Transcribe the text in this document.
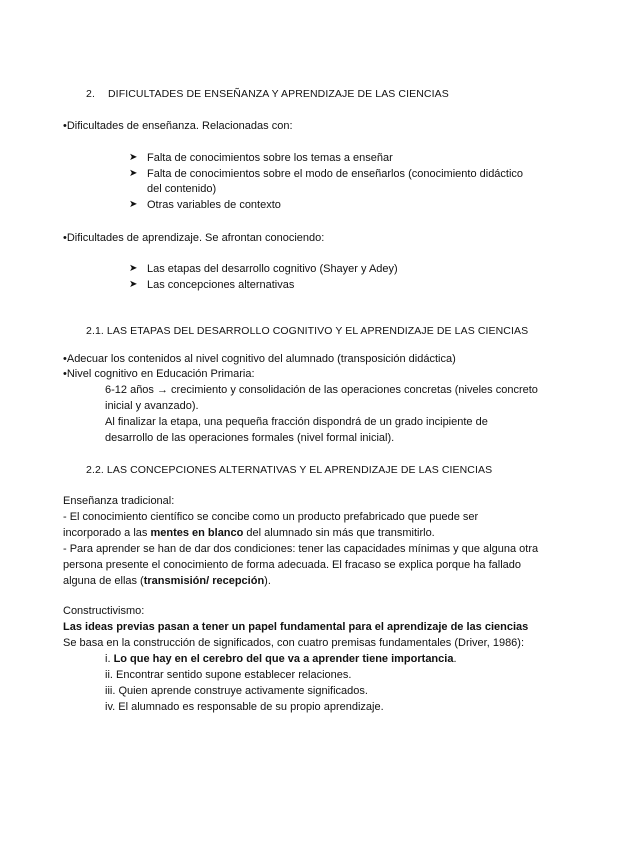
2. DIFICULTADES DE ENSEÑANZA Y APRENDIZAJE DE LAS CIENCIAS
•Dificultades de enseñanza. Relacionadas con:
➤ Falta de conocimientos sobre los temas a enseñar
➤ Falta de conocimientos sobre el modo de enseñarlos (conocimiento didáctico
del contenido)
➤ Otras variables de contexto
•Dificultades de aprendizaje. Se afrontan conociendo:
➤ Las etapas del desarrollo cognitivo (Shayer y Adey)
➤ Las concepciones alternativas
2.1. LAS ETAPAS DEL DESARROLLO COGNITIVO Y EL APRENDIZAJE DE LAS CIENCIAS
•Adecuar los contenidos al nivel cognitivo del alumnado (transposición didáctica)
•Nivel cognitivo en Educación Primaria:
6-12 años → crecimiento y consolidación de las operaciones concretas (niveles concreto
inicial y avanzado).
Al finalizar la etapa, una pequeña fracción dispondrá de un grado incipiente de
desarrollo de las operaciones formales (nivel formal inicial).
2.2. LAS CONCEPCIONES ALTERNATIVAS Y EL APRENDIZAJE DE LAS CIENCIAS
Enseñanza tradicional:
- El conocimiento científico se concibe como un producto prefabricado que puede ser
incorporado a las mentes en blanco del alumnado sin más que transmitirlo.
- Para aprender se han de dar dos condiciones: tener las capacidades mínimas y que alguna otra
persona presente el conocimiento de forma adecuada. El fracaso se explica porque ha fallado
alguna de ellas (transmisión/ recepción).
Constructivismo:
Las ideas previas pasan a tener un papel fundamental para el aprendizaje de las ciencias
Se basa en la construcción de significados, con cuatro premisas fundamentales (Driver, 1986):
i. Lo que hay en el cerebro del que va a aprender tiene importancia.
ii. Encontrar sentido supone establecer relaciones.
iii. Quien aprende construye activamente significados.
iv. El alumnado es responsable de su propio aprendizaje.
